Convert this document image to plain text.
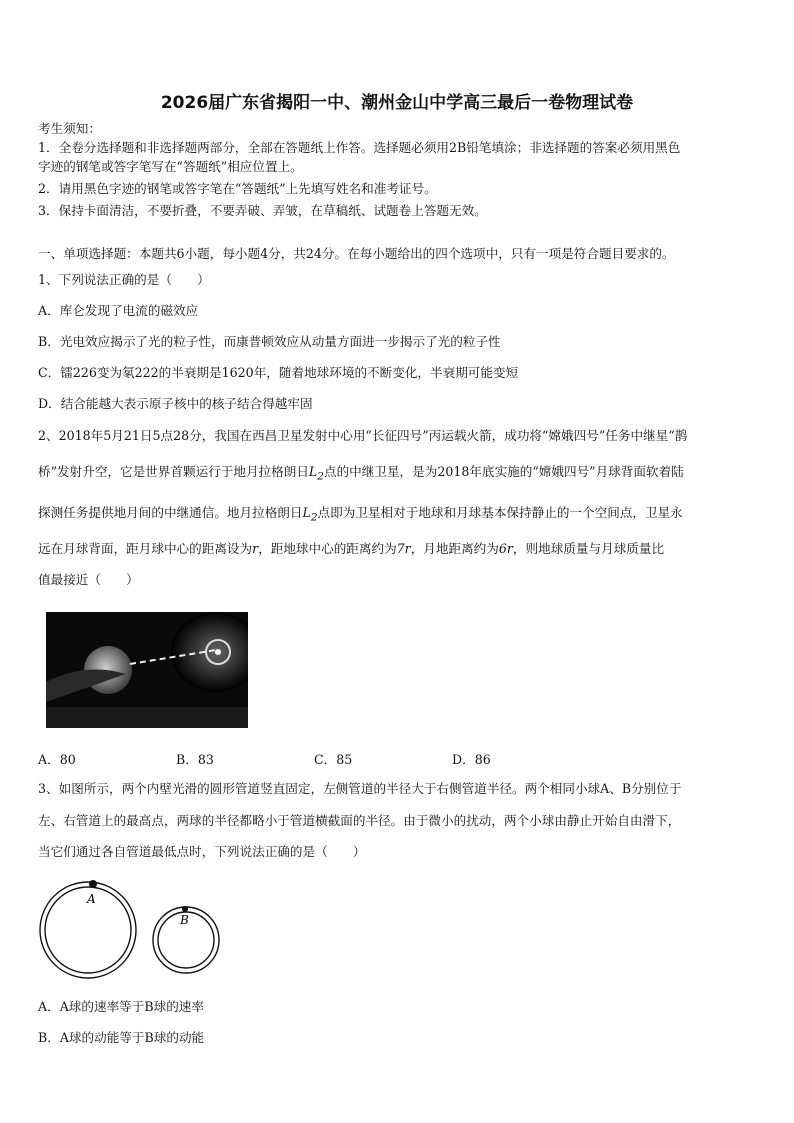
2026届广东省揭阳一中、潮州金山中学高三最后一卷物理试卷
考生须知：
1．全卷分选择题和非选择题两部分，全部在答题纸上作答。选择题必须用2B铅笔填涂；非选择题的答案必须用黑色
字迹的钢笔或答字笔写在“答题纸”相应位置上。
2．请用黑色字迹的钢笔或答字笔在“答题纸”上先填写姓名和准考证号。
3．保持卡面清洁，不要折叠，不要弄破、弄皱，在草稿纸、试题卷上答题无效。
一、单项选择题：本题共6小题，每小题4分，共24分。在每小题给出的四个选项中，只有一项是符合题目要求的。
1、下列说法正确的是（　　）
A．库仑发现了电流的磁效应
B．光电效应揭示了光的粒子性，而康普顿效应从动量方面进一步揭示了光的粒子性
C．镭226变为氡222的半衰期是1620年，随着地球环境的不断变化，半衰期可能变短
D．结合能越大表示原子核中的核子结合得越牢固
2、2018年5月21日5点28分，我国在西昌卫星发射中心用“长征四号”丙运载火箭，成功将“嫦娥四号”任务中继星“鹊
桥”发射升空，它是世界首颗运行于地月拉格朗日$L_2$点的中继卫星，是为2018年底实施的“嫦娥四号”月球背面软着陆
探测任务提供地月间的中继通信。地月拉格朗日$L_2$点即为卫星相对于地球和月球基本保持静止的一个空间点，卫星永
远在月球背面，距月球中心的距离设为r，距地球中心的距离约为7r，月地距离约为6r，则地球质量与月球质量比
值最接近（　　）
A．80	B．83	C．85	D．86
3、如图所示，两个内壁光滑的圆形管道竖直固定，左侧管道的半径大于右侧管道半径。两个相同小球A、B分别位于
左、右管道上的最高点，两球的半径都略小于管道横截面的半径。由于微小的扰动，两个小球由静止开始自由滑下，
当它们通过各自管道最低点时，下列说法正确的是（　　）
A
B
A．A球的速率等于B球的速率
B．A球的动能等于B球的动能
